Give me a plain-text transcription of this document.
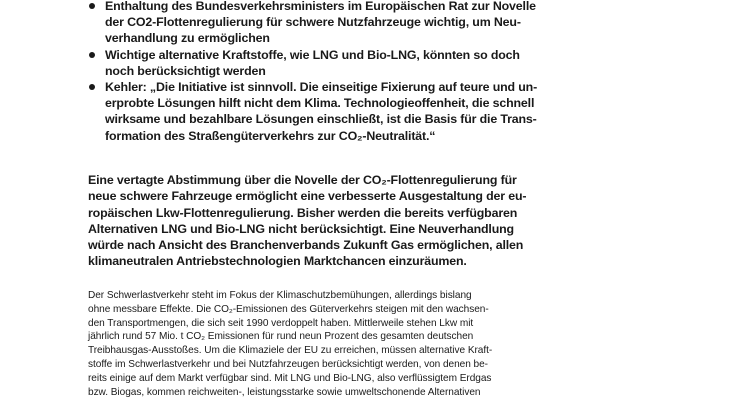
Enthaltung des Bundesverkehrsministers im Europäischen Rat zur Novelle
der CO2-Flottenregulierung für schwere Nutzfahrzeuge wichtig, um Neu-
verhandlung zu ermöglichen
Wichtige alternative Kraftstoffe, wie LNG und Bio-LNG, könnten so doch
noch berücksichtigt werden
Kehler: „Die Initiative ist sinnvoll. Die einseitige Fixierung auf teure und un-
erprobte Lösungen hilft nicht dem Klima. Technologieoffenheit, die schnell
wirksame und bezahlbare Lösungen einschließt, ist die Basis für die Trans-
formation des Straßengüterverkehrs zur CO₂-Neutralität.“

Eine vertagte Abstimmung über die Novelle der CO₂-Flottenregulierung für
neue schwere Fahrzeuge ermöglicht eine verbesserte Ausgestaltung der eu-
ropäischen Lkw-Flottenregulierung. Bisher werden die bereits verfügbaren
Alternativen LNG und Bio-LNG nicht berücksichtigt. Eine Neuverhandlung
würde nach Ansicht des Branchenverbands Zukunft Gas ermöglichen, allen
klimaneutralen Antriebstechnologien Marktchancen einzuräumen.

Der Schwerlastverkehr steht im Fokus der Klimaschutzbemühungen, allerdings bislang
ohne messbare Effekte. Die CO₂-Emissionen des Güterverkehrs steigen mit den wachsen-
den Transportmengen, die sich seit 1990 verdoppelt haben. Mittlerweile stehen Lkw mit
jährlich rund 57 Mio. t CO₂ Emissionen für rund neun Prozent des gesamten deutschen
Treibhausgas-Ausstoßes. Um die Klimaziele der EU zu erreichen, müssen alternative Kraft-
stoffe im Schwerlastverkehr und bei Nutzfahrzeugen berücksichtigt werden, von denen be-
reits einige auf dem Markt verfügbar sind. Mit LNG und Bio-LNG, also verflüssigtem Erdgas
bzw. Biogas, kommen reichweiten-, leistungsstarke sowie umweltschonende Alternativen
